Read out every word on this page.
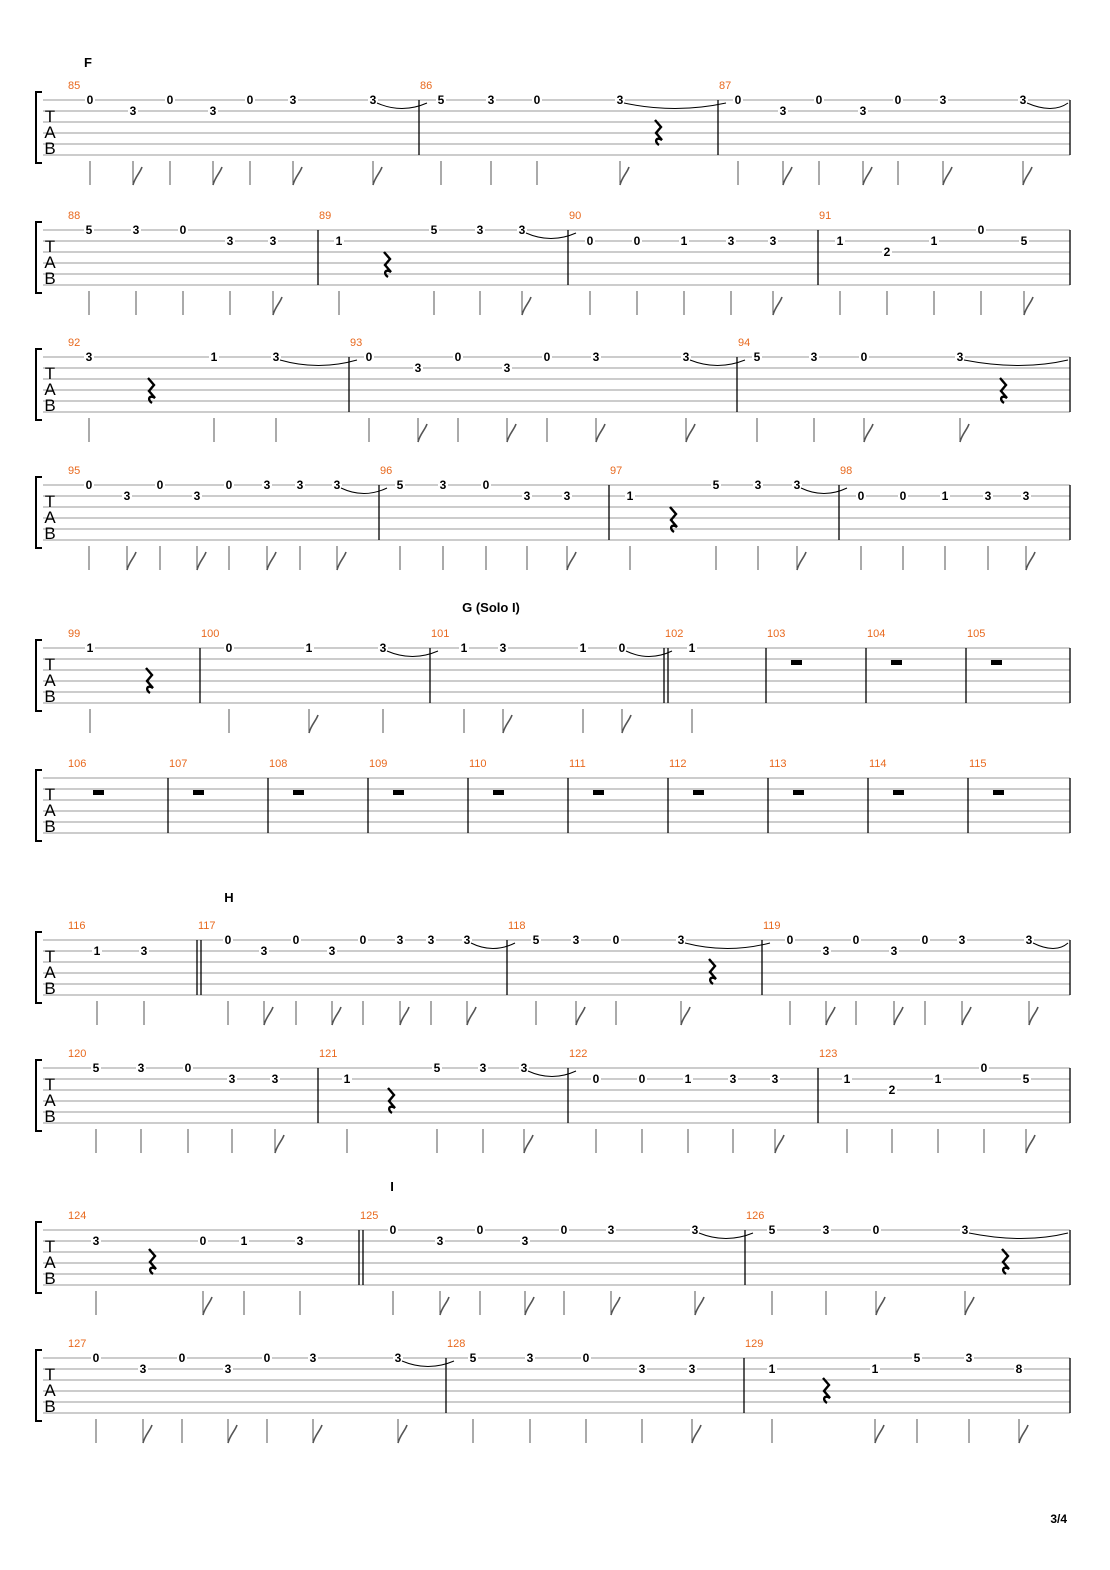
T
A
B
F
85
0
3
0
3
0	3	3
86
5	3	0	3
87
0
3
0
3
0	3	3
T
A
B
88
5	3	0
3	3
89
1
5	3	3
90
0	0	1	3	3
91
1
2
1
0
5
T
A
B
92
3	1	3
93
0
3
0
3
0	3	3
94
5	3	0	3
T
A
B
95
0
3
0
3
0	3 3	3
96
5	3	0
3	3
97
1
5	3	3
98
0	0	1	3	3
T
A
B
G (Solo I)
99
1
100
0	1	3
101
1	3	1	0
102
1
103	104	105
T
A
B
106	107	108	109	110	111	112	113	114	115
T
A
B
H
116
1	3
117
0
3
0
3
0	3 3 3
118
5	3	0	3
119
0
3
0
3
0	3	3
T
A
B
120
5	3	0
3	3
121
1
5	3	3
122
0	0	1	3	3
123
1
2
1
0
5
T
A
B
I
124
3	0	1	3
125
0
3
0
3
0	3	3
126
5	3	0	3
T
A
B
127
0
3
0
3
0	3	3
128
5	3	0
3	3
129
1	1
5	3
8
3/4
